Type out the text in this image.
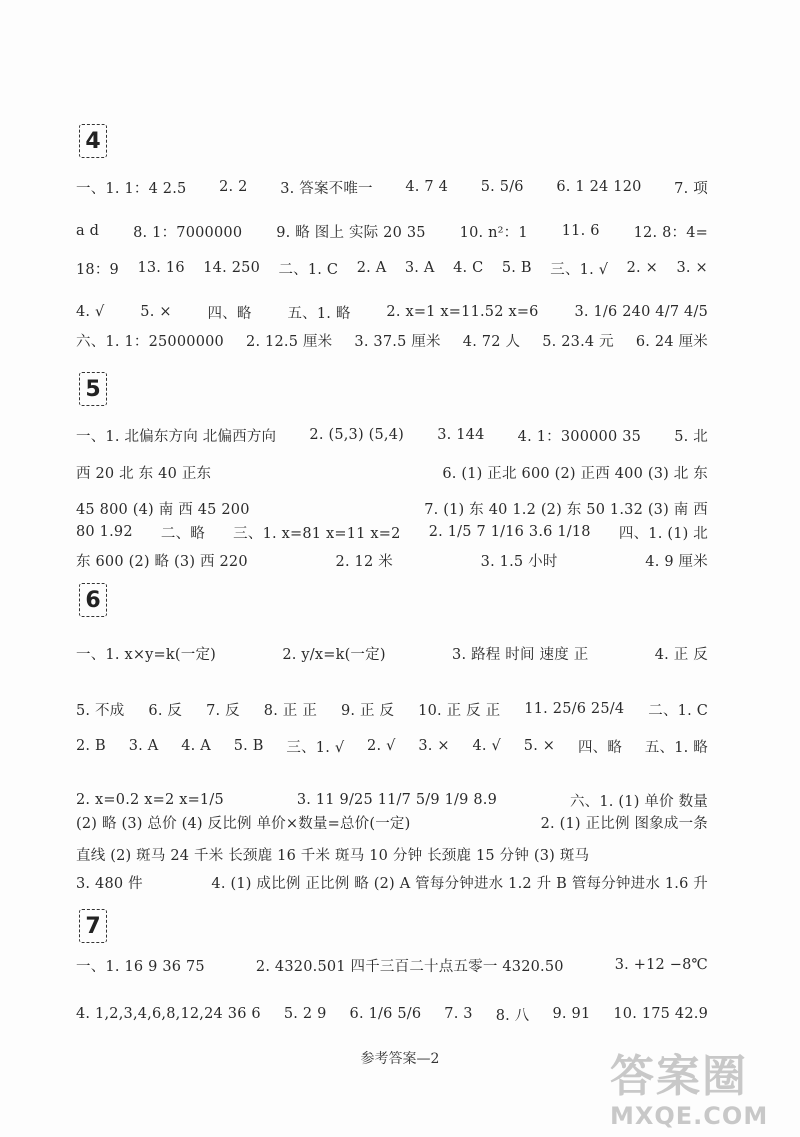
4
一、1. 1：4 2.5 2. 2 3. 答案不唯一 4. 7 4 5. 5/6 6. 1 24 120 7. 项
a d 8. 1：7000000 9. 略 图上 实际 20 35 10. n²：1 11. 6 12. 8：4=
18：9 13. 16 14. 250 二、1. C 2. A 3. A 4. C 5. B 三、1. √ 2. × 3. ×
4. √ 5. × 四、略 五、1. 略 2. x=1 x=11.52 x=6 3. 1/6 240 4/7 4/5
六、1. 1：25000000 2. 12.5 厘米 3. 37.5 厘米 4. 72 人 5. 23.4 元 6. 24 厘米
5
一、1. 北偏东方向 北偏西方向 2. (5,3) (5,4) 3. 144 4. 1：300000 35 5. 北
西 20 北 东 40 正东	6. (1) 正北 600 (2) 正西 400 (3) 北 东
45 800 (4) 南 西 45 200	7. (1) 东 40 1.2 (2) 东 50 1.32 (3) 南 西
80 1.92 二、略 三、1. x=81 x=11 x=2 2. 1/5 7 1/16 3.6 1/18 四、1. (1) 北
东 600 (2) 略 (3) 西 220	2. 12 米	3. 1.5 小时	4. 9 厘米
6
一、1. x×y=k(一定)	2. y/x=k(一定)	3. 路程 时间 速度 正	4. 正 反
5. 不成 6. 反 7. 反 8. 正 正 9. 正 反 10. 正 反 正 11. 25/6 25/4 二、1. C
2. B 3. A 4. A 5. B 三、1. √ 2. √ 3. × 4. √ 5. × 四、略 五、1. 略
2. x=0.2 x=2 x=1/5	3. 11 9/25 11/7 5/9 1/9 8.9	六、1. (1) 单价 数量
(2) 略 (3) 总价 (4) 反比例 单价×数量=总价(一定)	2. (1) 正比例 图象成一条
直线 (2) 斑马 24 千米 长颈鹿 16 千米 斑马 10 分钟 长颈鹿 15 分钟 (3) 斑马
3. 480 件	4. (1) 成比例 正比例 略 (2) A 管每分钟进水 1.2 升 B 管每分钟进水 1.6 升
7
一、1. 16 9 36 75	2. 4320.501 四千三百二十点五零一 4320.50	3. +12 −8℃
4. 1,2,3,4,6,8,12,24 36 6 5. 2 9 6. 1/6 5/6 7. 3 8. 八 9. 91 10. 175 42.9
参考答案—2	答案圈
MXQE.COM
